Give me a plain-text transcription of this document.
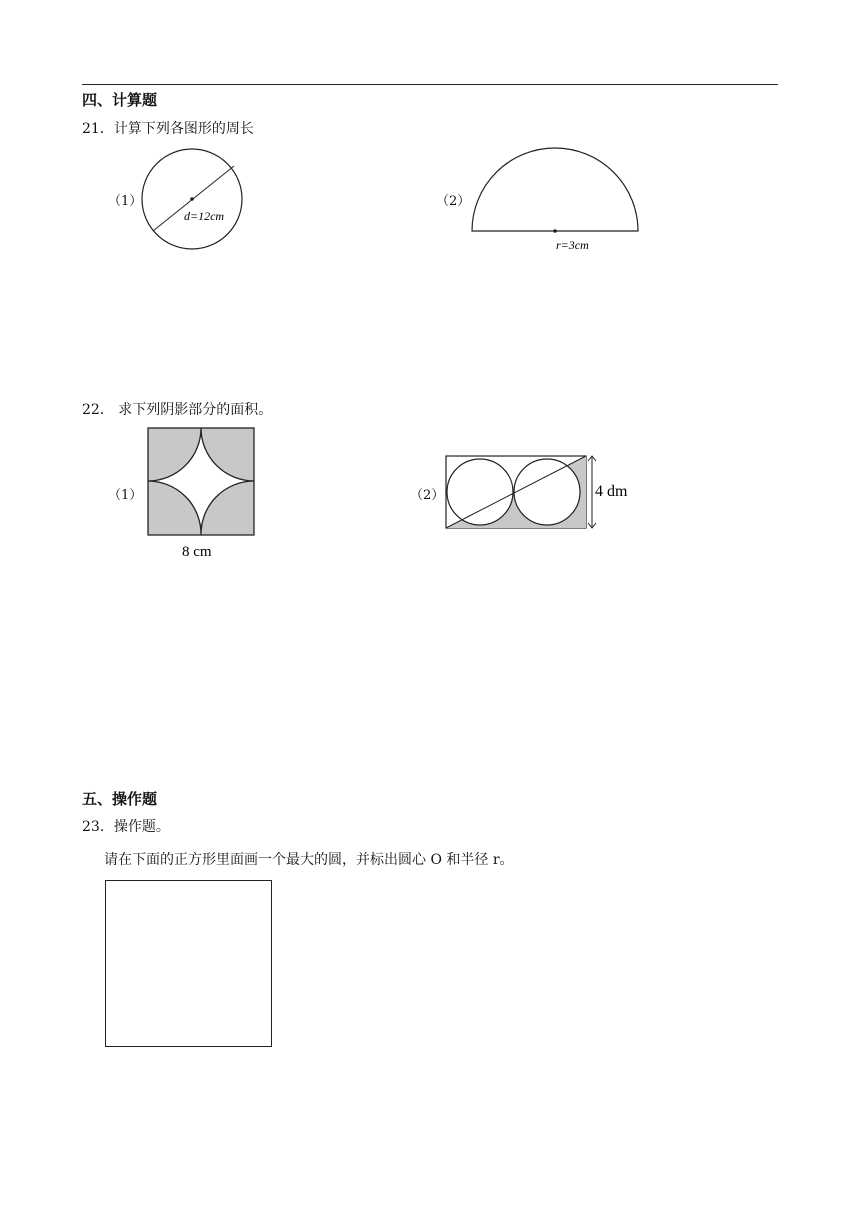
四、计算题
21．计算下列各图形的周长
（1）
d=12cm
（2）
r=3cm
22． 求下列阴影部分的面积。
（1）
8 cm
（2）	4 dm
五、操作题
23．操作题。
请在下面的正方形里面画一个最大的圆，并标出圆心 O 和半径 r。
